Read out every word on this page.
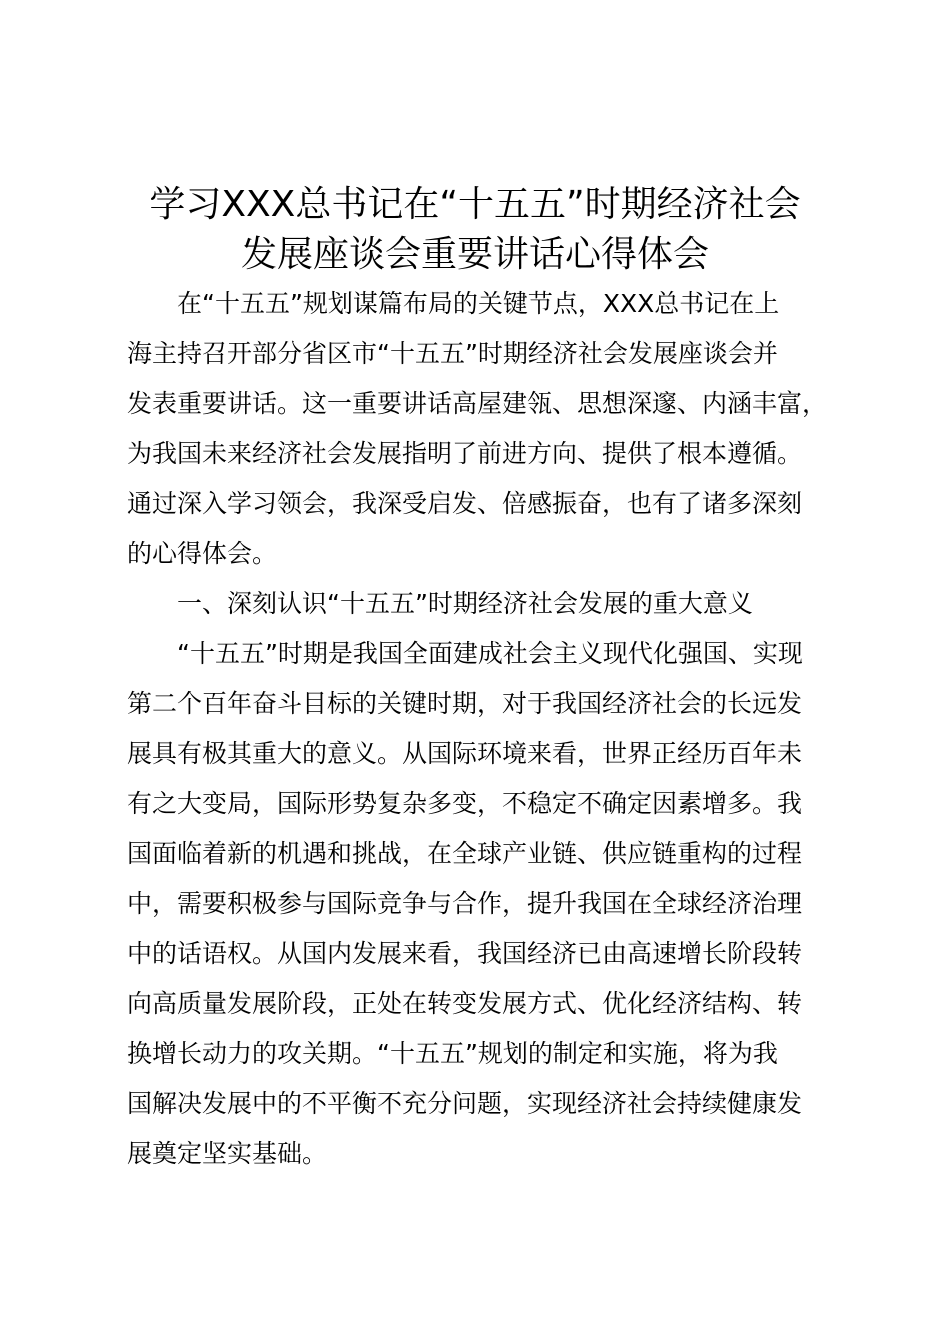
学习XXX总书记在“十五五”时期经济社会
发展座谈会重要讲话心得体会
在“十五五”规划谋篇布局的关键节点，XXX总书记在上
海主持召开部分省区市“十五五”时期经济社会发展座谈会并
发表重要讲话。这一重要讲话高屋建瓴、思想深邃、内涵丰富，
为我国未来经济社会发展指明了前进方向、提供了根本遵循。
通过深入学习领会，我深受启发、倍感振奋，也有了诸多深刻
的心得体会。
一、深刻认识“十五五”时期经济社会发展的重大意义
“十五五”时期是我国全面建成社会主义现代化强国、实现
第二个百年奋斗目标的关键时期，对于我国经济社会的长远发
展具有极其重大的意义。从国际环境来看，世界正经历百年未
有之大变局，国际形势复杂多变，不稳定不确定因素增多。我
国面临着新的机遇和挑战，在全球产业链、供应链重构的过程
中，需要积极参与国际竞争与合作，提升我国在全球经济治理
中的话语权。从国内发展来看，我国经济已由高速增长阶段转
向高质量发展阶段，正处在转变发展方式、优化经济结构、转
换增长动力的攻关期。“十五五”规划的制定和实施，将为我
国解决发展中的不平衡不充分问题，实现经济社会持续健康发
展奠定坚实基础。
